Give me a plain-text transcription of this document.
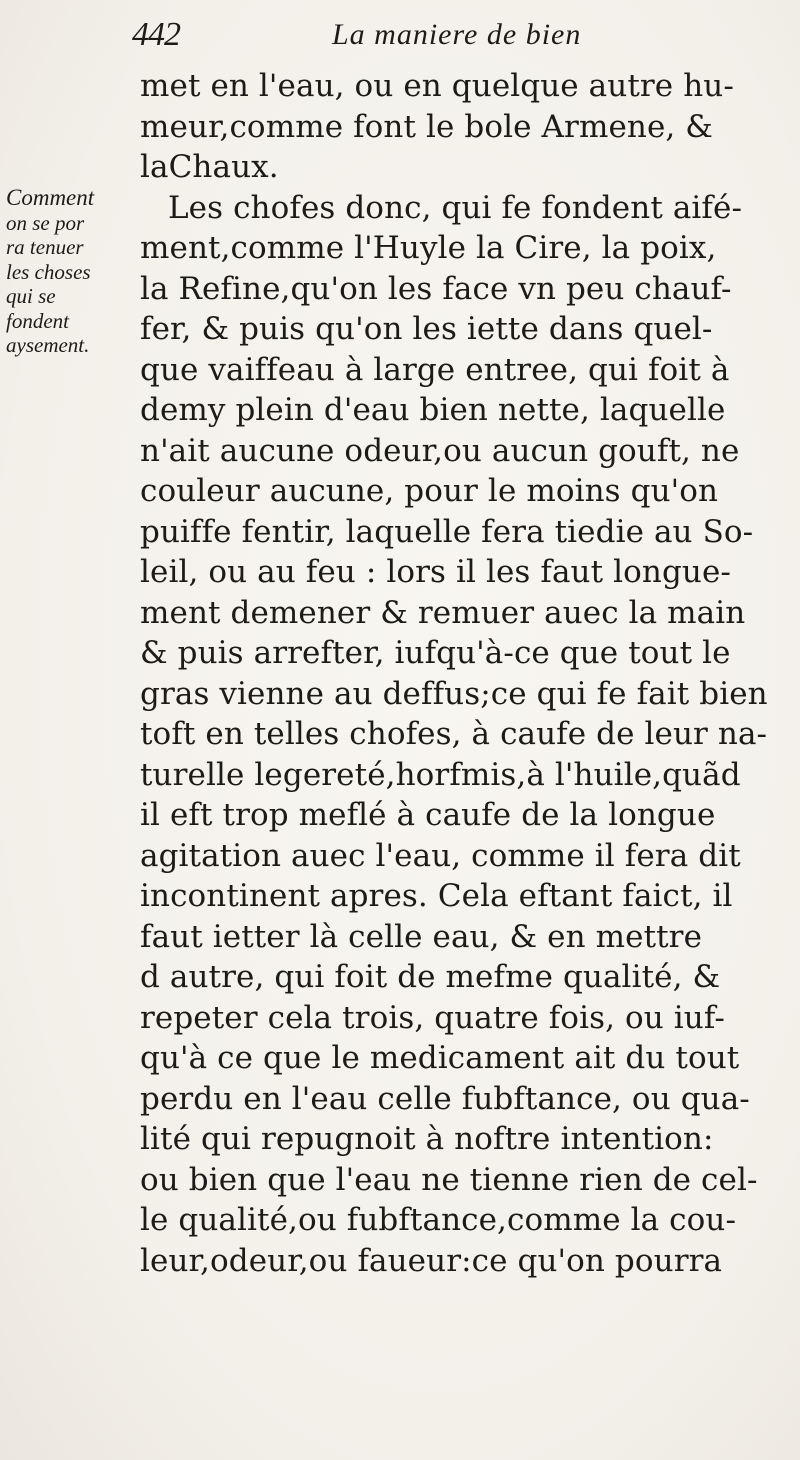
442	La maniere de bien
Comment
on se por
ra tenuer
les choses
qui se
fondent
aysement.
met en l'eau, ou en quelque autre hu-
meur,comme font le bole Armene, &
laChaux.
Les chofes donc, qui fe fondent aifé-
ment,comme l'Huyle la Cire, la poix,
la Refine,qu'on les face vn peu chauf-
fer, & puis qu'on les iette dans quel-
que vaiffeau à large entree, qui foit à
demy plein d'eau bien nette, laquelle
n'ait aucune odeur,ou aucun gouft, ne
couleur aucune, pour le moins qu'on
puiffe fentir, laquelle fera tiedie au So-
leil, ou au feu : lors il les faut longue-
ment demener & remuer auec la main
& puis arrefter, iufqu'à-ce que tout le
gras vienne au deffus;ce qui fe fait bien
toft en telles chofes, à caufe de leur na-
turelle legereté,horfmis,à l'huile,quãd
il eft trop meflé à caufe de la longue
agitation auec l'eau, comme il fera dit
incontinent apres. Cela eftant faict, il
faut ietter là celle eau, & en mettre
d autre, qui foit de mefme qualité, &
repeter cela trois, quatre fois, ou iuf-
qu'à ce que le medicament ait du tout
perdu en l'eau celle fubftance, ou qua-
lité qui repugnoit à noftre intention:
ou bien que l'eau ne tienne rien de cel-
le qualité,ou fubftance,comme la cou-
leur,odeur,ou faueur:ce qu'on pourra
